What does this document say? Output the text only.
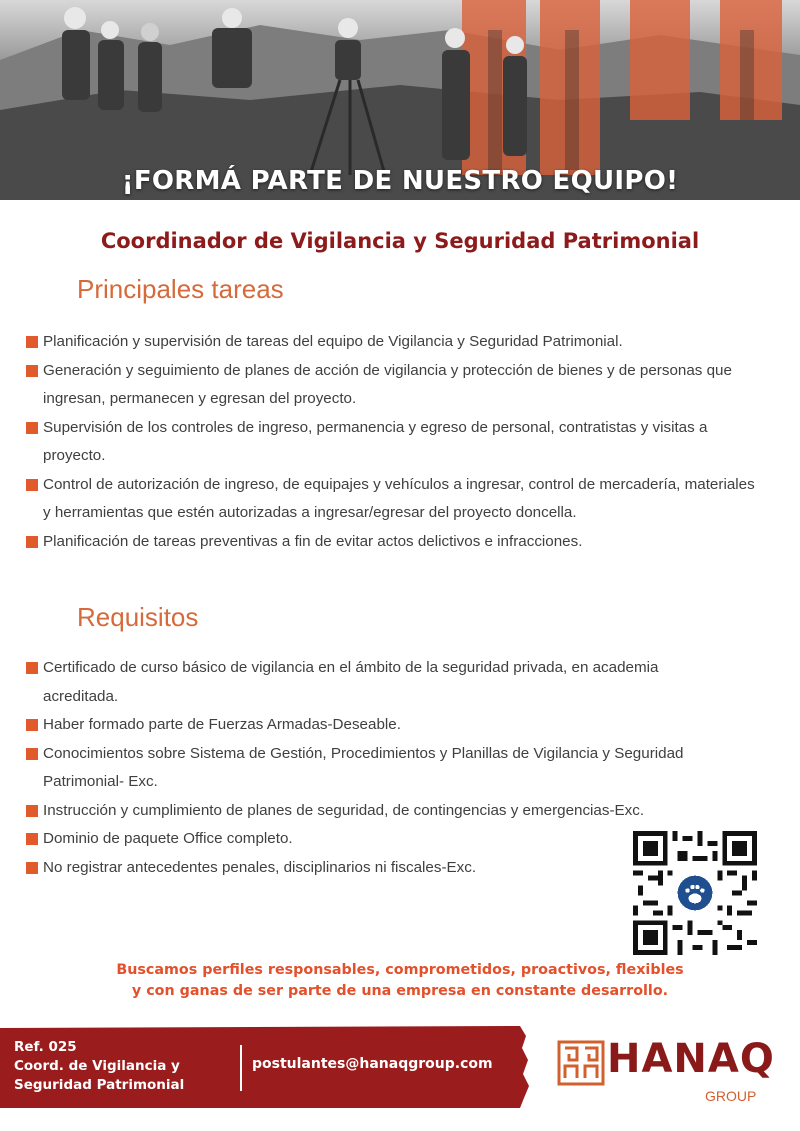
¡FORMÁ PARTE DE NUESTRO EQUIPO!
Coordinador de Vigilancia y Seguridad Patrimonial
Principales tareas
Planificación y supervisión de tareas del equipo de Vigilancia y Seguridad Patrimonial.
Generación y seguimiento de planes de acción de vigilancia y protección de bienes y de personas que ingresan, permanecen y egresan del proyecto.
Supervisión de los controles de ingreso, permanencia y egreso de personal, contratistas y visitas a proyecto.
Control de autorización de ingreso, de equipajes y vehículos a ingresar, control de mercadería, materiales y herramientas que estén autorizadas a ingresar/egresar del proyecto doncella.
Planificación de tareas preventivas a fin de evitar actos delictivos e infracciones.
Requisitos
Certificado de curso básico de vigilancia en el ámbito de la seguridad privada, en academia acreditada.
Haber formado parte de Fuerzas Armadas-Deseable.
Conocimientos sobre Sistema de Gestión, Procedimientos y Planillas de Vigilancia y Seguridad Patrimonial- Exc.
Instrucción y cumplimiento de planes de seguridad, de contingencias y emergencias-Exc.
Dominio de paquete Office completo.
No registrar antecedentes penales, disciplinarios ni fiscales-Exc.
Buscamos perfiles responsables, comprometidos, proactivos, flexibles
y con ganas de ser parte de una empresa en constante desarrollo.
Ref. 025
Coord. de Vigilancia y
Seguridad Patrimonial
postulantes@hanaqgroup.com	HANAQ
GROUP
